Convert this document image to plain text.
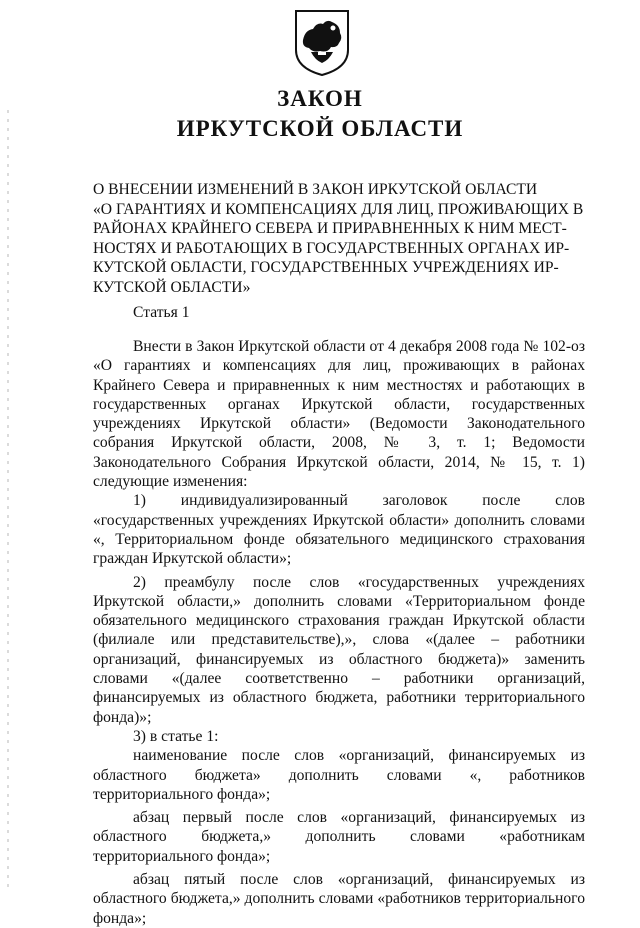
ЗАКОН
ИРКУТСКОЙ ОБЛАСТИ
О ВНЕСЕНИИ ИЗМЕНЕНИЙ В ЗАКОН ИРКУТСКОЙ ОБЛАСТИ
«О ГАРАНТИЯХ И КОМПЕНСАЦИЯХ ДЛЯ ЛИЦ, ПРОЖИВАЮЩИХ В
РАЙОНАХ КРАЙНЕГО СЕВЕРА И ПРИРАВНЕННЫХ К НИМ МЕСТ-
НОСТЯХ И РАБОТАЮЩИХ В ГОСУДАРСТВЕННЫХ ОРГАНАХ ИР-
КУТСКОЙ ОБЛАСТИ, ГОСУДАРСТВЕННЫХ УЧРЕЖДЕНИЯХ ИР-
КУТСКОЙ ОБЛАСТИ»
Статья 1

Внести в Закон Иркутской области от 4 декабря 2008 года № 102-оз «О гарантиях и компенсациях для лиц, проживающих в районах Крайнего Севера и приравненных к ним местностях и работающих в государственных органах Иркутской области, государственных учреждениях Иркутской области» (Ведомости Законодательного собрания Иркутской области, 2008, № 3, т. 1; Ведомости Законодательного Собрания Иркутской области, 2014, № 15, т. 1) следующие изменения:

1) индивидуализированный заголовок после слов «государственных учреждениях Иркутской области» дополнить словами «, Территориальном фонде обязательного медицинского страхования граждан Иркутской области»;

2) преамбулу после слов «государственных учреждениях Иркутской области,» дополнить словами «Территориальном фонде обязательного медицинского страхования граждан Иркутской области (филиале или представительстве),», слова «(далее – работники организаций, финансируемых из областного бюджета)» заменить словами «(далее соответственно – работники организаций, финансируемых из областного бюджета, работники территориального фонда)»;

3) в статье 1:

наименование после слов «организаций, финансируемых из областного бюджета» дополнить словами «, работников территориального фонда»;

абзац первый после слов «организаций, финансируемых из областного бюджета,» дополнить словами «работникам территориального фонда»;

абзац пятый после слов «организаций, финансируемых из областного бюджета,» дополнить словами «работников территориального фонда»;
